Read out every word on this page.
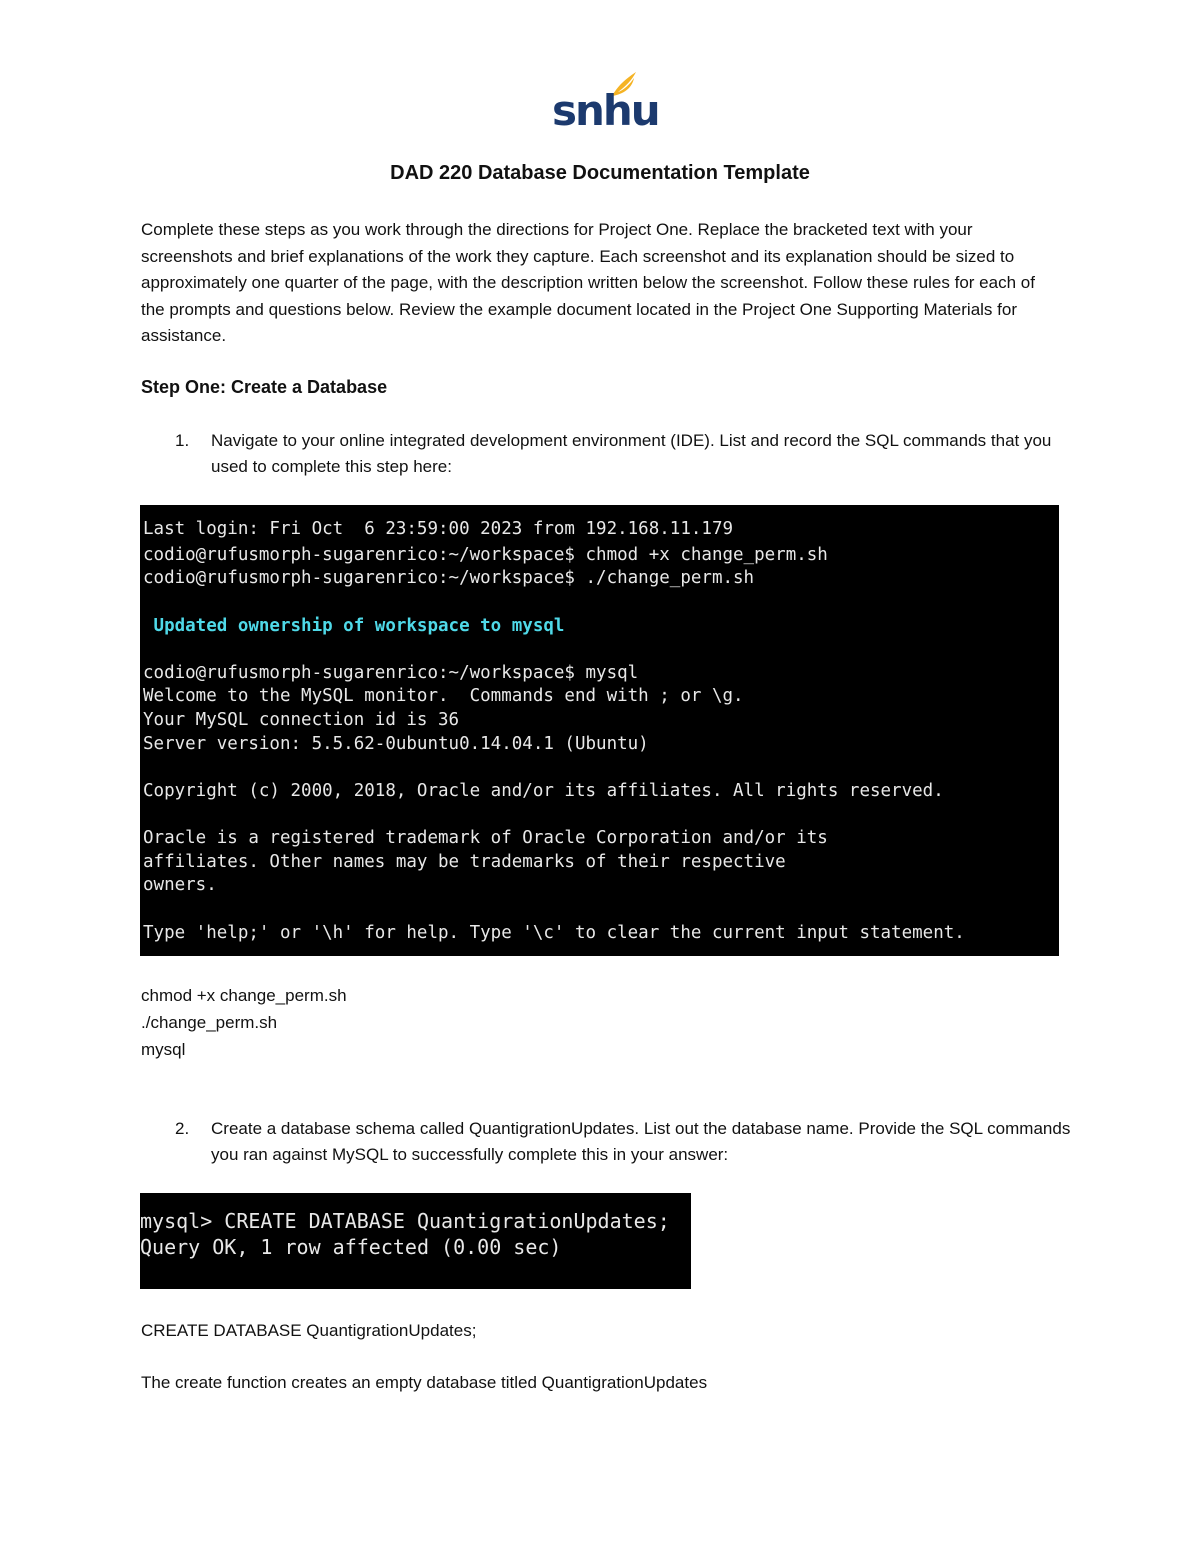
snhu
DAD 220 Database Documentation Template
Complete these steps as you work through the directions for Project One. Replace the bracketed text with your screenshots and brief explanations of the work they capture. Each screenshot and its explanation should be sized to approximately one quarter of the page, with the description written below the screenshot. Follow these rules for each of the prompts and questions below. Review the example document located in the Project One Supporting Materials for assistance.
Step One: Create a Database
1. Navigate to your online integrated development environment (IDE). List and record the SQL commands that you used to complete this step here:
Last login: Fri Oct  6 23:59:00 2023 from 192.168.11.179
codio@rufusmorph-sugarenrico:~/workspace$ chmod +x change_perm.sh
codio@rufusmorph-sugarenrico:~/workspace$ ./change_perm.sh
Updated ownership of workspace to mysql
codio@rufusmorph-sugarenrico:~/workspace$ mysql
Welcome to the MySQL monitor.  Commands end with ; or \g.
Your MySQL connection id is 36
Server version: 5.5.62-0ubuntu0.14.04.1 (Ubuntu)
Copyright (c) 2000, 2018, Oracle and/or its affiliates. All rights reserved.
Oracle is a registered trademark of Oracle Corporation and/or its
affiliates. Other names may be trademarks of their respective
owners.
Type 'help;' or '\h' for help. Type '\c' to clear the current input statement.
chmod +x change_perm.sh
./change_perm.sh
mysql
2. Create a database schema called QuantigrationUpdates. List out the database name. Provide the SQL commands you ran against MySQL to successfully complete this in your answer:
mysql> CREATE DATABASE QuantigrationUpdates;
Query OK, 1 row affected (0.00 sec)
CREATE DATABASE QuantigrationUpdates;
The create function creates an empty database titled QuantigrationUpdates
